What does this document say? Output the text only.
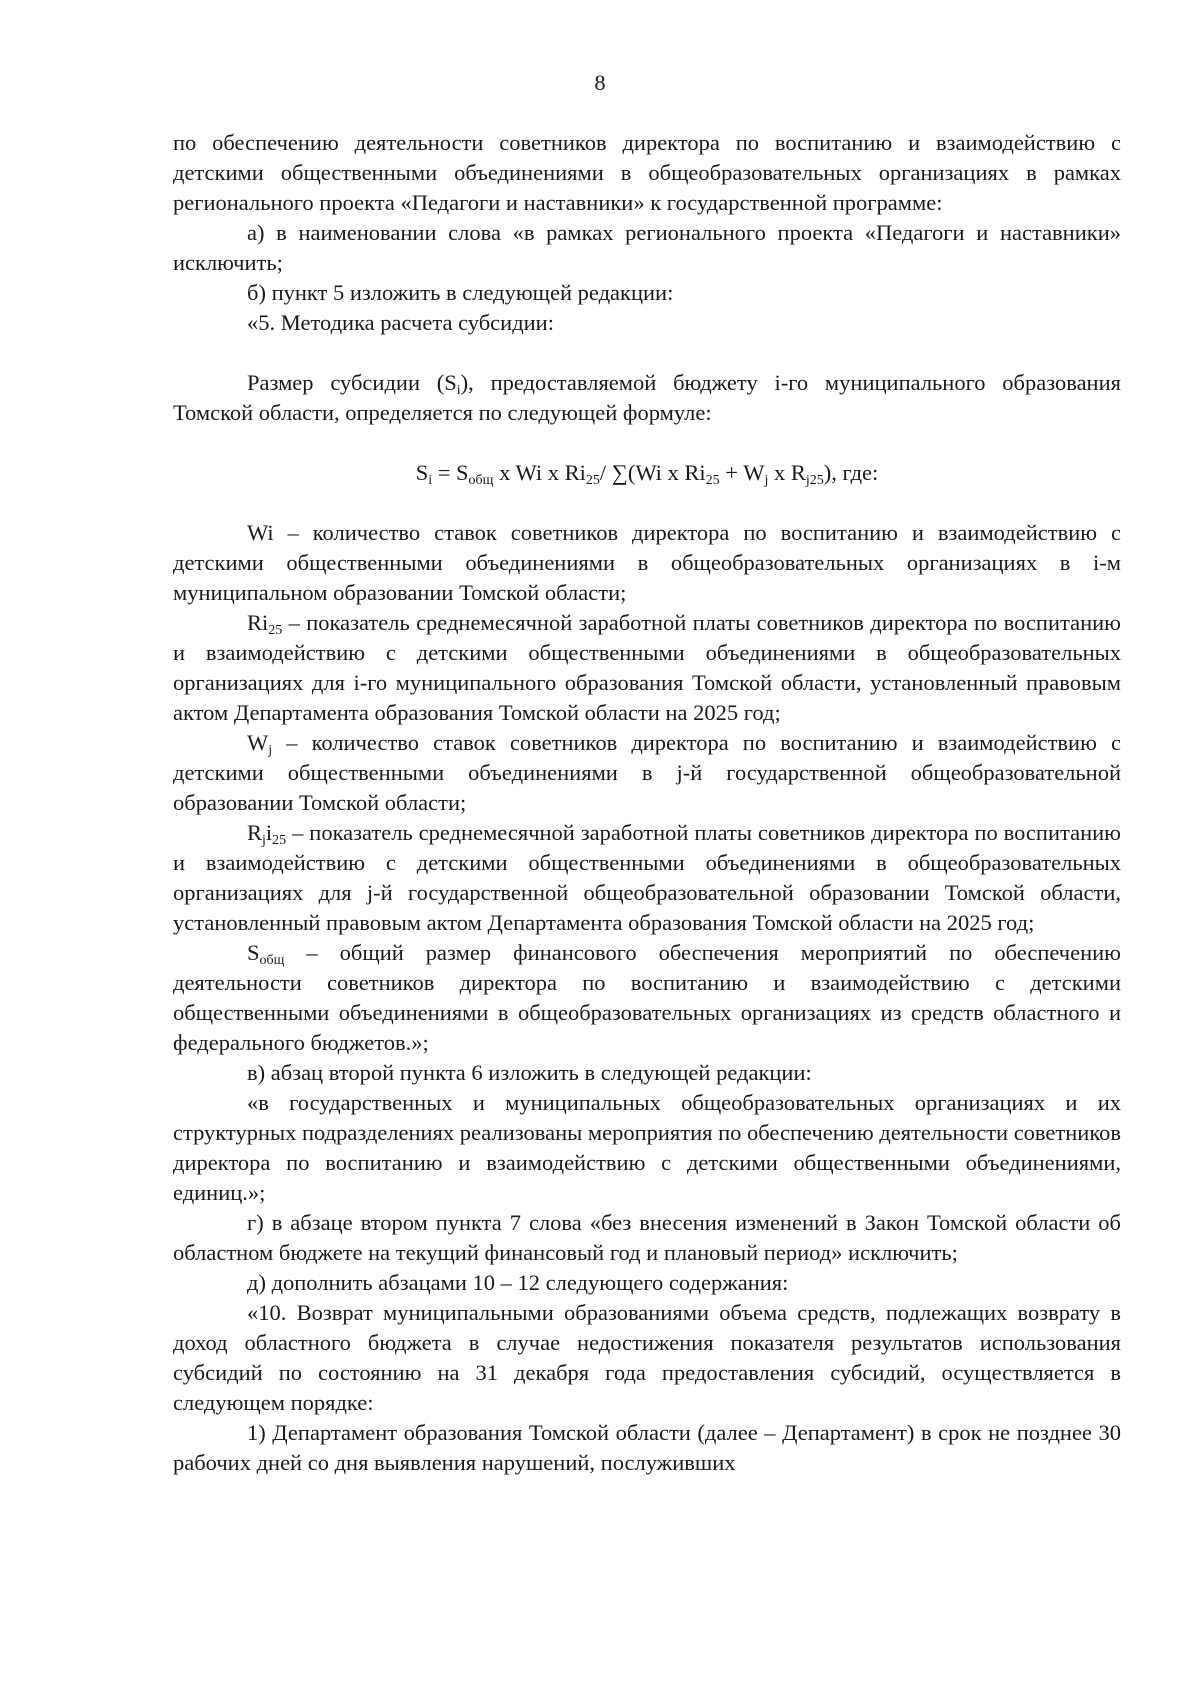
8

по обеспечению деятельности советников директора по воспитанию и взаимодействию с детскими общественными объединениями в общеобразовательных организациях в рамках регионального проекта «Педагоги и наставники» к государственной программе:

а) в наименовании слова «в рамках регионального проекта «Педагоги и наставники» исключить;

б) пункт 5 изложить в следующей редакции:

«5. Методика расчета субсидии:

Размер субсидии $(S_i)$, предоставляемой бюджету i-го муниципального образования Томской области, определяется по следующей формуле:

$S_i = S_{общ}$ x Wi x $Ri_{25}/$ ∑(Wi x $Ri_{25} + W_j$ x $R_{j25}$), где:

Wi – количество ставок советников директора по воспитанию и взаимодействию с детскими общественными объединениями в общеобразовательных организациях в i-м муниципальном образовании Томской области;

$Ri_{25}$ – показатель среднемесячной заработной платы советников директора по воспитанию и взаимодействию с детскими общественными объединениями в общеобразовательных организациях для i-го муниципального образования Томской области, установленный правовым актом Департамента образования Томской области на 2025 год;

$W_j$ – количество ставок советников директора по воспитанию и взаимодействию с детскими общественными объединениями в j-й государственной общеобразовательной образовании Томской области;

$R_ji_{25}$ – показатель среднемесячной заработной платы советников директора по воспитанию и взаимодействию с детскими общественными объединениями в общеобразовательных организациях для j-й государственной общеобразовательной образовании Томской области, установленный правовым актом Департамента образования Томской области на 2025 год;

$S_{общ}$ – общий размер финансового обеспечения мероприятий по обеспечению деятельности советников директора по воспитанию и взаимодействию с детскими общественными объединениями в общеобразовательных организациях из средств областного и федерального бюджетов.»;

в) абзац второй пункта 6 изложить в следующей редакции:

«в государственных и муниципальных общеобразовательных организациях и их структурных подразделениях реализованы мероприятия по обеспечению деятельности советников директора по воспитанию и взаимодействию с детскими общественными объединениями, единиц.»;

г) в абзаце втором пункта 7 слова «без внесения изменений в Закон Томской области об областном бюджете на текущий финансовый год и плановый период» исключить;

д) дополнить абзацами 10 – 12 следующего содержания:

«10. Возврат муниципальными образованиями объема средств, подлежащих возврату в доход областного бюджета в случае недостижения показателя результатов использования субсидий по состоянию на 31 декабря года предоставления субсидий, осуществляется в следующем порядке:

1) Департамент образования Томской области (далее – Департамент) в срок не позднее 30 рабочих дней со дня выявления нарушений, послуживших
